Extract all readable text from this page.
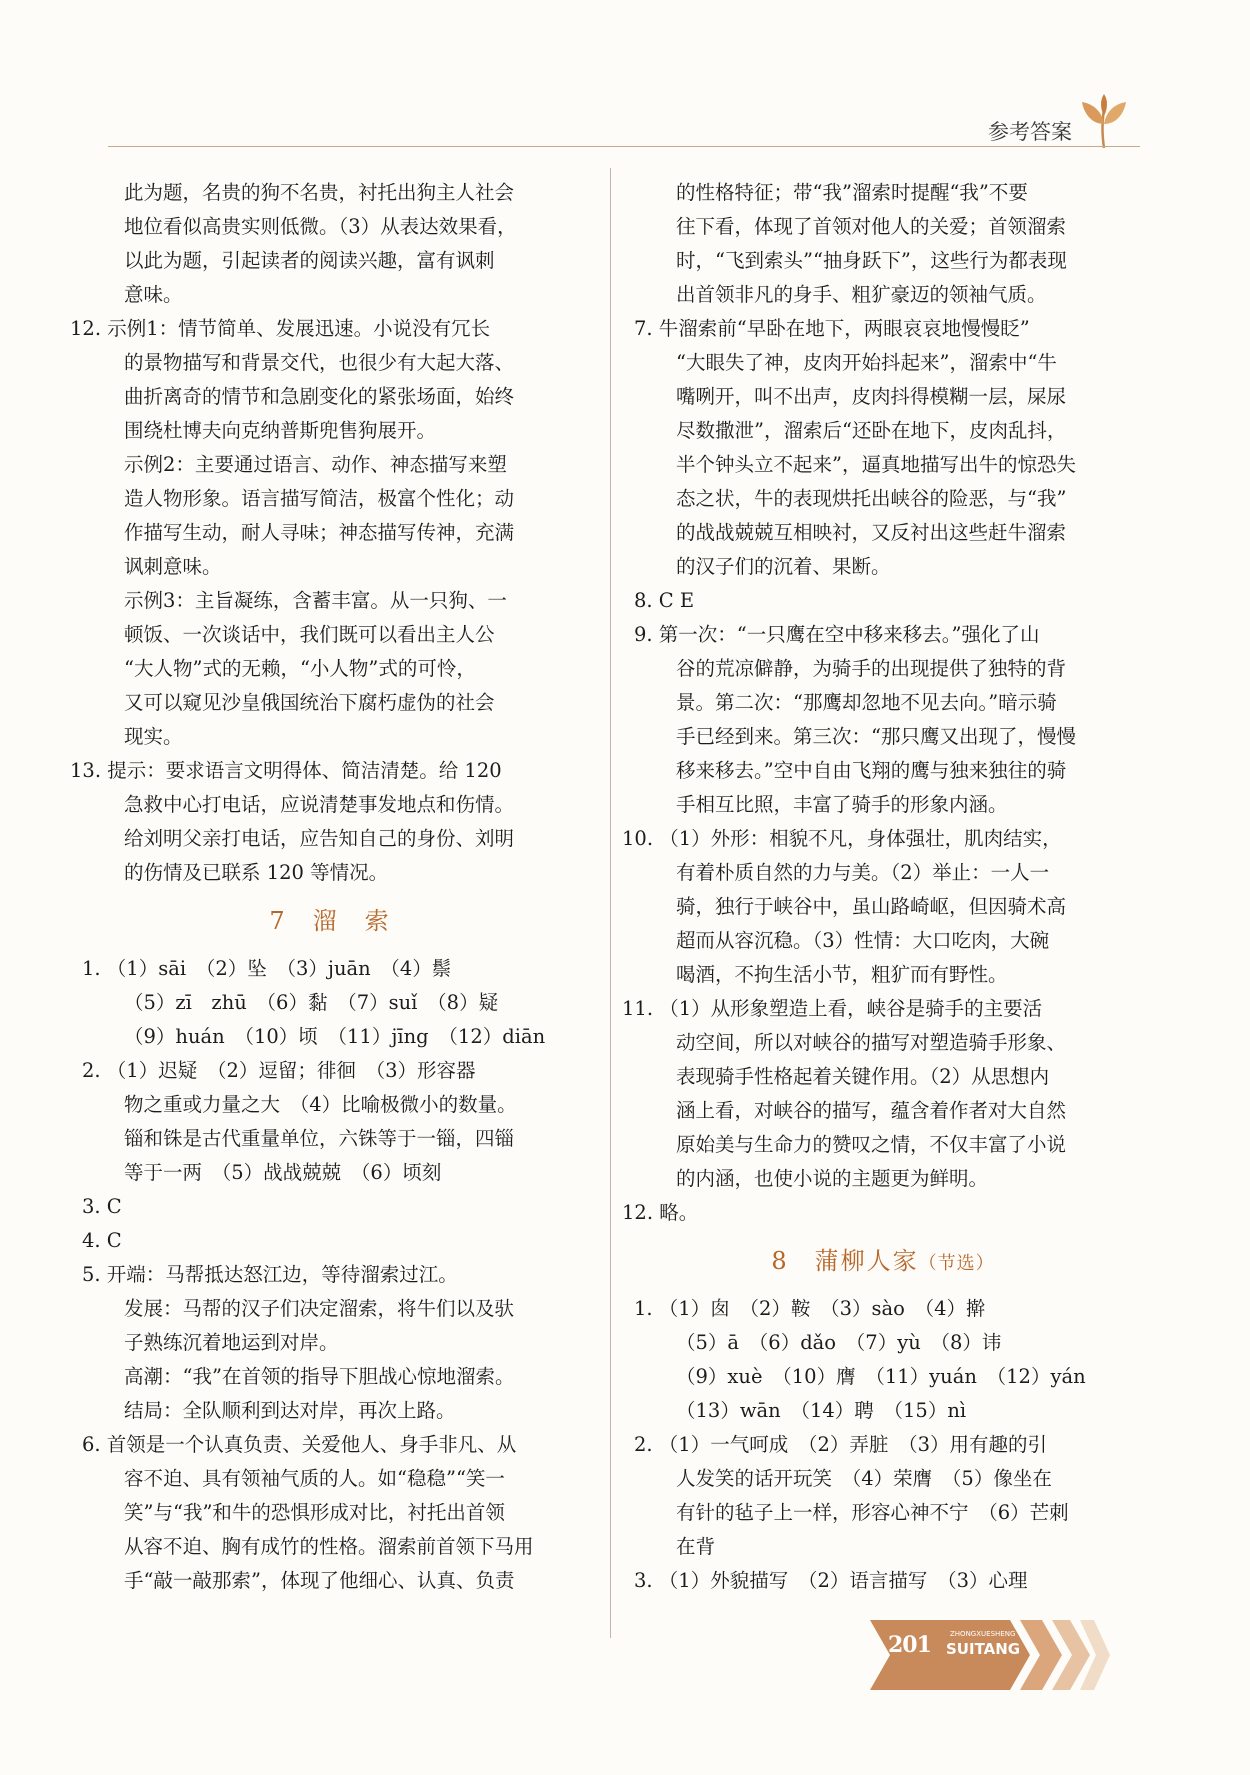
参考答案
此为题，名贵的狗不名贵，衬托出狗主人社会
地位看似高贵实则低微。（3）从表达效果看，
以此为题，引起读者的阅读兴趣，富有讽刺
意味。
12. 示例1：情节简单、发展迅速。小说没有冗长
的景物描写和背景交代，也很少有大起大落、
曲折离奇的情节和急剧变化的紧张场面，始终
围绕杜博夫向克纳普斯兜售狗展开。
示例2：主要通过语言、动作、神态描写来塑
造人物形象。语言描写简洁，极富个性化；动
作描写生动，耐人寻味；神态描写传神，充满
讽刺意味。
示例3：主旨凝练，含蓄丰富。从一只狗、一
顿饭、一次谈话中，我们既可以看出主人公
“大人物”式的无赖，“小人物”式的可怜，
又可以窥见沙皇俄国统治下腐朽虚伪的社会
现实。
13. 提示：要求语言文明得体、简洁清楚。给 120
急救中心打电话，应说清楚事发地点和伤情。
给刘明父亲打电话，应告知自己的身份、刘明
的伤情及已联系 120 等情况。
7　溜　索
1. （1）sāi　（2）坠　（3）juān　（4）鬃
（5）zī　zhū　（6）黏　（7）suǐ　（8）疑
（9）huán　（10）顷　（11）jīng　（12）diān
2. （1）迟疑　（2）逗留；徘徊　（3）形容器
物之重或力量之大　（4）比喻极微小的数量。
锱和铢是古代重量单位，六铢等于一锱，四锱
等于一两　（5）战战兢兢　（6）顷刻
3. C
4. C
5. 开端：马帮抵达怒江边，等待溜索过江。
发展：马帮的汉子们决定溜索，将牛们以及驮
子熟练沉着地运到对岸。
高潮：“我”在首领的指导下胆战心惊地溜索。
结局：全队顺利到达对岸，再次上路。
6. 首领是一个认真负责、关爱他人、身手非凡、从
容不迫、具有领袖气质的人。如“稳稳”“笑一
笑”与“我”和牛的恐惧形成对比，衬托出首领
从容不迫、胸有成竹的性格。溜索前首领下马用
手“敲一敲那索”，体现了他细心、认真、负责
的性格特征；带“我”溜索时提醒“我”不要
往下看，体现了首领对他人的关爱；首领溜索
时，“飞到索头”“抽身跃下”，这些行为都表现
出首领非凡的身手、粗犷豪迈的领袖气质。
7. 牛溜索前“早卧在地下，两眼哀哀地慢慢眨”
“大眼失了神，皮肉开始抖起来”，溜索中“牛
嘴咧开，叫不出声，皮肉抖得模糊一层，屎尿
尽数撒泄”，溜索后“还卧在地下，皮肉乱抖，
半个钟头立不起来”，逼真地描写出牛的惊恐失
态之状，牛的表现烘托出峡谷的险恶，与“我”
的战战兢兢互相映衬，又反衬出这些赶牛溜索
的汉子们的沉着、果断。
8. C E
9. 第一次：“一只鹰在空中移来移去。”强化了山
谷的荒凉僻静，为骑手的出现提供了独特的背
景。第二次：“那鹰却忽地不见去向。”暗示骑
手已经到来。第三次：“那只鹰又出现了，慢慢
移来移去。”空中自由飞翔的鹰与独来独往的骑
手相互比照，丰富了骑手的形象内涵。
10. （1）外形：相貌不凡，身体强壮，肌肉结实，
有着朴质自然的力与美。（2）举止：一人一
骑，独行于峡谷中，虽山路崎岖，但因骑术高
超而从容沉稳。（3）性情：大口吃肉，大碗
喝酒，不拘生活小节，粗犷而有野性。
11. （1）从形象塑造上看，峡谷是骑手的主要活
动空间，所以对峡谷的描写对塑造骑手形象、
表现骑手性格起着关键作用。（2）从思想内
涵上看，对峡谷的描写，蕴含着作者对大自然
原始美与生命力的赞叹之情，不仅丰富了小说
的内涵，也使小说的主题更为鲜明。
12. 略。
8　蒲柳人家（节选）
1. （1）囱　（2）鞍　（3）sào　（4）擀
（5）ā　（6）dǎo　（7）yù　（8）讳
（9）xuè　（10）膺　（11）yuán　（12）yán
（13）wān　（14）聘　（15）nì
2. （1）一气呵成　（2）弄脏　（3）用有趣的引
人发笑的话开玩笑　（4）荣膺　（5）像坐在
有针的毡子上一样，形容心神不宁　（6）芒刺
在背
3. （1）外貌描写　（2）语言描写　（3）心理
201	ZHONGXUESHENG
SUITANG
